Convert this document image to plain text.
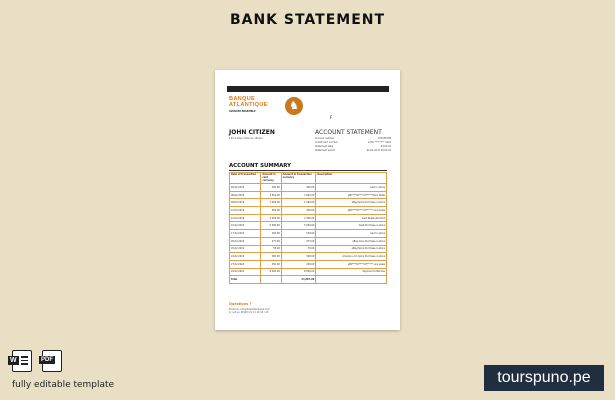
BANK STATEMENT
BANQUE
ATLANTIQUE
AVANCER ENSEMBLE	♞
F
JOHN CITIZEN
123 A Rue, Cotonou, Benin
ACCOUNT STATEMENT
Account number	123456789
Credit Card number	1234 **** **** 4321
Statement date	29.02.22
Statement period	02.02.22 to 29.02.22
ACCOUNT SUMMARY
Date of transaction	Amount in card currency	Amount in transaction currency	Description
02.02.2022	300.00	300.00	Cash in store
08.02.2022	3 561.00	3 561.00	JAB****ID****CIT*****Sans Hotel
08.02.2022	1 000.00	1 000.00	eBay/Spice Purchase in-store
10.02.2022	300.00	300.00	JAB****ID****CIT***** Line sales
10.02.2022	2 200.00	2 200.00	Card Replenishment
15.02.2022	5 000.00	5 000.00	Cash Purchase in-store
17.02.2022	150.00	150.00	Card in store
20.02.2022	477.00	477.00	eBay Loan Purchase in-store
20.02.2022	53.00	53.00	eBay/Spice Purchase in-store
24.02.2022	300.00	300.00	Amazon.com Spice Purchase in-store
27.02.2022	250.00	250.00	JAB****ID****CIT***** Line sales
29.02.2022	8 000.00	8 000.00	Payment to Bendas
Total		24,087.00	
Questions ?
Email us: info@bankatlantique.com
or call us: 00(00) 21 11 16 19 / 20
W	PDF
fully editable template	tourspuno.pe
